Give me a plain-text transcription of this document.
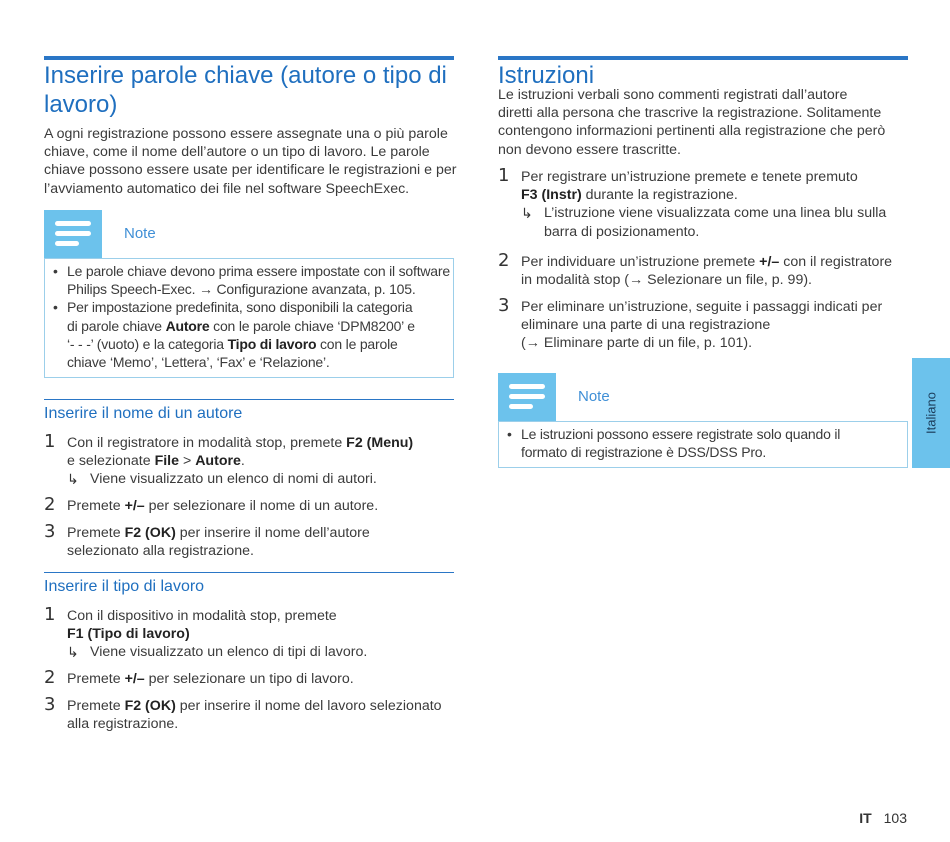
Inserire parole chiave (autore o tipo di
lavoro)
A ogni registrazione possono essere assegnate una o più parole
chiave, come il nome dell’autore o un tipo di lavoro. Le parole
chiave possono essere usate per identificare le registrazioni e per
l’avviamento automatico dei file nel software SpeechExec.
Note
• Le parole chiave devono prima essere impostate con il software
Philips Speech-Exec. → Configurazione avanzata, p. 105.
• Per impostazione predefinita, sono disponibili la categoria
di parole chiave Autore con le parole chiave ‘DPM8200’ e
‘- - -’ (vuoto) e la categoria Tipo di lavoro con le parole
chiave ‘Memo’, ‘Lettera’, ‘Fax’ e ‘Relazione’.
Inserire il nome di un autore
1 Con il registratore in modalità stop, premete F2 (Menu)
e selezionate File > Autore.
↳ Viene visualizzato un elenco di nomi di autori.
2 Premete +/– per selezionare il nome di un autore.
3 Premete F2 (OK) per inserire il nome dell’autore
selezionato alla registrazione.
Inserire il tipo di lavoro
1 Con il dispositivo in modalità stop, premete
F1 (Tipo di lavoro)
↳ Viene visualizzato un elenco di tipi di lavoro.
2 Premete +/– per selezionare un tipo di lavoro.
3 Premete F2 (OK) per inserire il nome del lavoro selezionato
alla registrazione.
Istruzioni
Le istruzioni verbali sono commenti registrati dall’autore
diretti alla persona che trascrive la registrazione. Solitamente
contengono informazioni pertinenti alla registrazione che però
non devono essere trascritte.
1 Per registrare un’istruzione premete e tenete premuto
F3 (Instr) durante la registrazione.
↳ L’istruzione viene visualizzata come una linea blu sulla
barra di posizionamento.
2 Per individuare un’istruzione premete +/– con il registratore
in modalità stop (→ Selezionare un file, p. 99).
3 Per eliminare un’istruzione, seguite i passaggi indicati per
eliminare una parte di una registrazione
(→ Eliminare parte di un file, p. 101).
Note
• Le istruzioni possono essere registrate solo quando il
formato di registrazione è DSS/DSS Pro.
Italiano
IT 103
